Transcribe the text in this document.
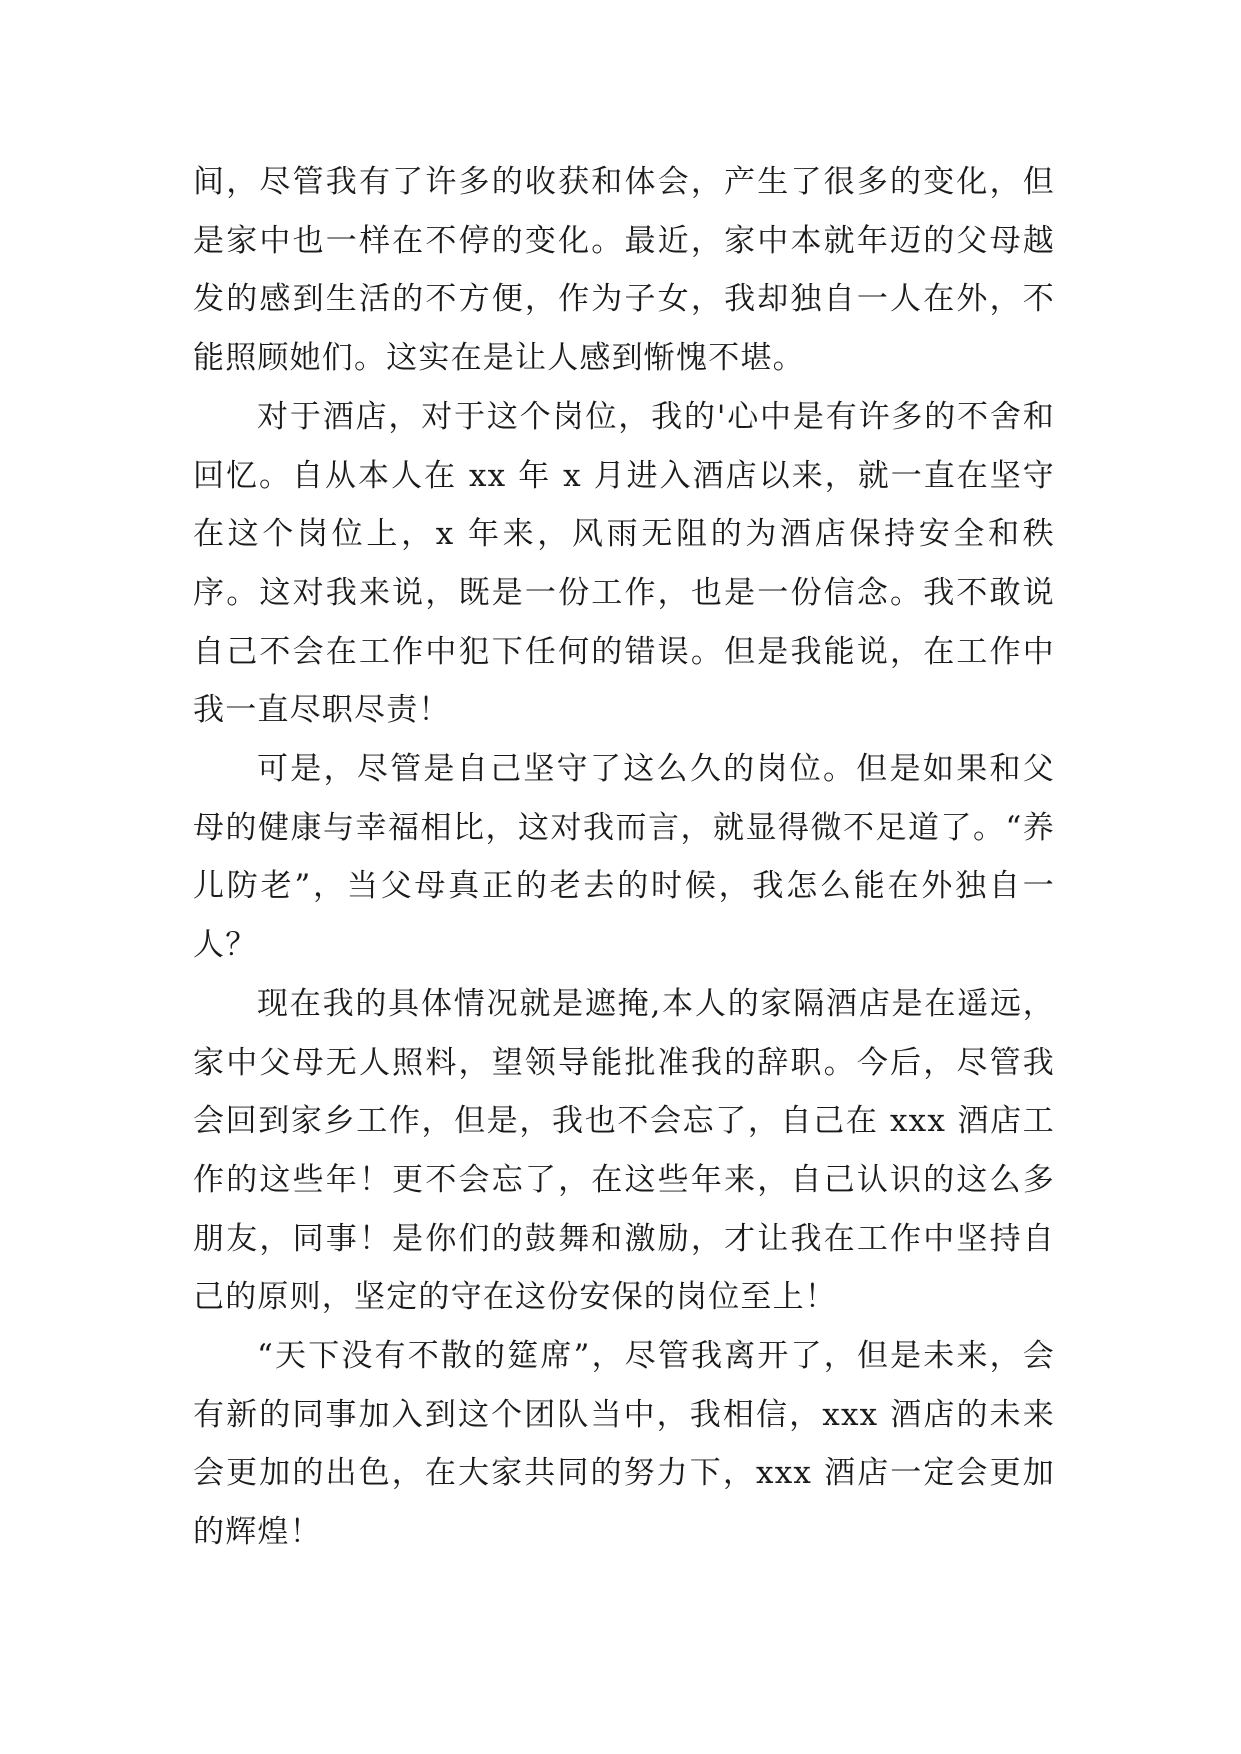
间，尽管我有了许多的收获和体会，产生了很多的变化，但是家中也一样在不停的变化。最近，家中本就年迈的父母越发的感到生活的不方便，作为子女，我却独自一人在外，不能照顾她们。这实在是让人感到惭愧不堪。

对于酒店，对于这个岗位，我的'心中是有许多的不舍和回忆。自从本人在 xx 年 x 月进入酒店以来，就一直在坚守在这个岗位上，x 年来，风雨无阻的为酒店保持安全和秩序。这对我来说，既是一份工作，也是一份信念。我不敢说自己不会在工作中犯下任何的错误。但是我能说，在工作中我一直尽职尽责！

可是，尽管是自己坚守了这么久的岗位。但是如果和父母的健康与幸福相比，这对我而言，就显得微不足道了。“养儿防老”，当父母真正的老去的时候，我怎么能在外独自一人？

现在我的具体情况就是遮掩,本人的家隔酒店是在遥远，家中父母无人照料，望领导能批准我的辞职。今后，尽管我会回到家乡工作，但是，我也不会忘了，自己在 xxx 酒店工作的这些年！更不会忘了，在这些年来，自己认识的这么多朋友，同事！是你们的鼓舞和激励，才让我在工作中坚持自己的原则，坚定的守在这份安保的岗位至上！

“天下没有不散的筵席”，尽管我离开了，但是未来，会有新的同事加入到这个团队当中，我相信，xxx 酒店的未来会更加的出色，在大家共同的努力下，xxx 酒店一定会更加的辉煌！
